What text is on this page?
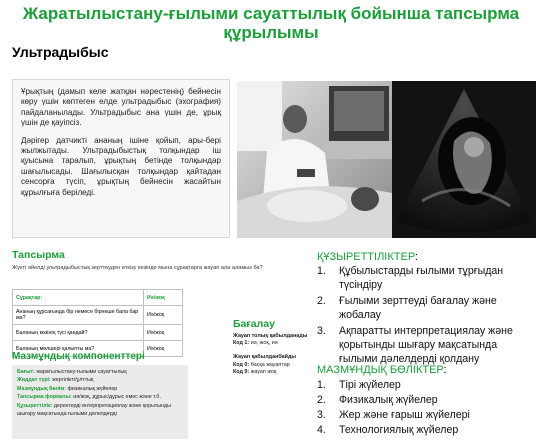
Жаратылыстану-ғылыми сауаттылық бойынша тапсырма құрылымы
Ультрадыбыс

Ұрықтың (дамып келе жатқан нәрестенің) бейнесін көру үшін көптеген елде ультрадыбыс (эхография) пайдаланылады. Ультрадыбыс ана үшін де, ұрық үшін де қауіпсіз.

Дәрігер датчикті ананың ішіне қойып, ары-бері жылжытады. Ультрадыбыстық толқындар іш қуысына таралып, ұрықтың бетінде толқындар шағылысады. Шағылысқан толқындар қайтадан сенсорға түсіп, ұрықтың бейнесін жасайтын құрылғыға беріледі.

Тапсырма
Жүкті әйелді ультрадыбыстық зерттеуден өткізу кезінде мына сұрақтарға жауап ала аламыз ба?
Сұрақтар:	Иә/жоқ
Ананың құрсағында бір немесе бірнеше бала бар ма?	Иә/жоқ
Баланың көзінің түсі қандай?	Иә/жоқ
Баланың мөлшері қалыпты ма?	Иә/жоқ
Бағалау
Жауап толық қабылданады
Код 1: иә, жоқ, иә
Жауап қабылданбайды
Код 0: басқа жауаптар
Код 9: жауап жоқ
Мазмұндық компоненттері
Бағыт: жаратылыстану-ғылыми сауаттылық
Жиддат түрі: жергілікті/ұлттық
Мазмұндық бөлім: физикалық жүйелер
Тапсырма форматы: иә/жоқ, дұрыс/дұрыс емес және т.б.
Құзыреттілік: деректерді интерпретациялау және қорытынды шығару мақсатында ғылыми дәлелдерді
ҚҰЗЫРЕТТІЛІКТЕР:
1. Құбылыстарды ғылыми тұрғыдан
түсіндіру
2. Ғылыми зерттеуді бағалау және
жобалау
3. Ақпаратты интерпретациялау және
қорытынды шығару мақсатында
ғылыми дәлелдерді қолдану
МАЗМҰНДЫҚ БӨЛІКТЕР:
1. Тірі жүйелер
2. Физикалық жүйелер
3. Жер және ғарыш жүйелері
4. Технологиялық жүйелер
